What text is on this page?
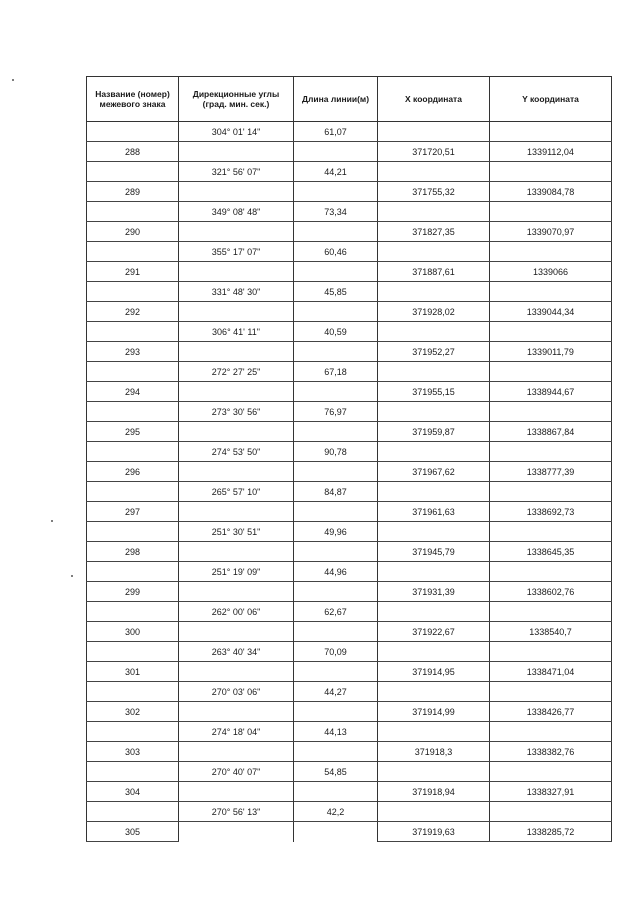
Название (номер) межевого знака	Дирекционные углы (град. мин. сек.)	Длина линии(м)	X координата	Y координата
	304° 01' 14"	61,07		
288			371720,51	1339112,04
	321° 56' 07"	44,21		
289			371755,32	1339084,78
	349° 08' 48"	73,34		
290			371827,35	1339070,97
	355° 17' 07"	60,46		
291			371887,61	1339066
	331° 48' 30"	45,85		
292			371928,02	1339044,34
	306° 41' 11"	40,59		
293			371952,27	1339011,79
	272° 27' 25"	67,18		
294			371955,15	1338944,67
	273° 30' 56"	76,97		
295			371959,87	1338867,84
	274° 53' 50"	90,78		
296			371967,62	1338777,39
	265° 57' 10"	84,87		
297			371961,63	1338692,73
	251° 30' 51"	49,96		
298			371945,79	1338645,35
	251° 19' 09"	44,96		
299			371931,39	1338602,76
	262° 00' 06"	62,67		
300			371922,67	1338540,7
	263° 40' 34"	70,09		
301			371914,95	1338471,04
	270° 03' 06"	44,27		
302			371914,99	1338426,77
	274° 18' 04"	44,13		
303			371918,3	1338382,76
	270° 40' 07"	54,85		
304			371918,94	1338327,91
	270° 56' 13"	42,2		
305			371919,63	1338285,72
